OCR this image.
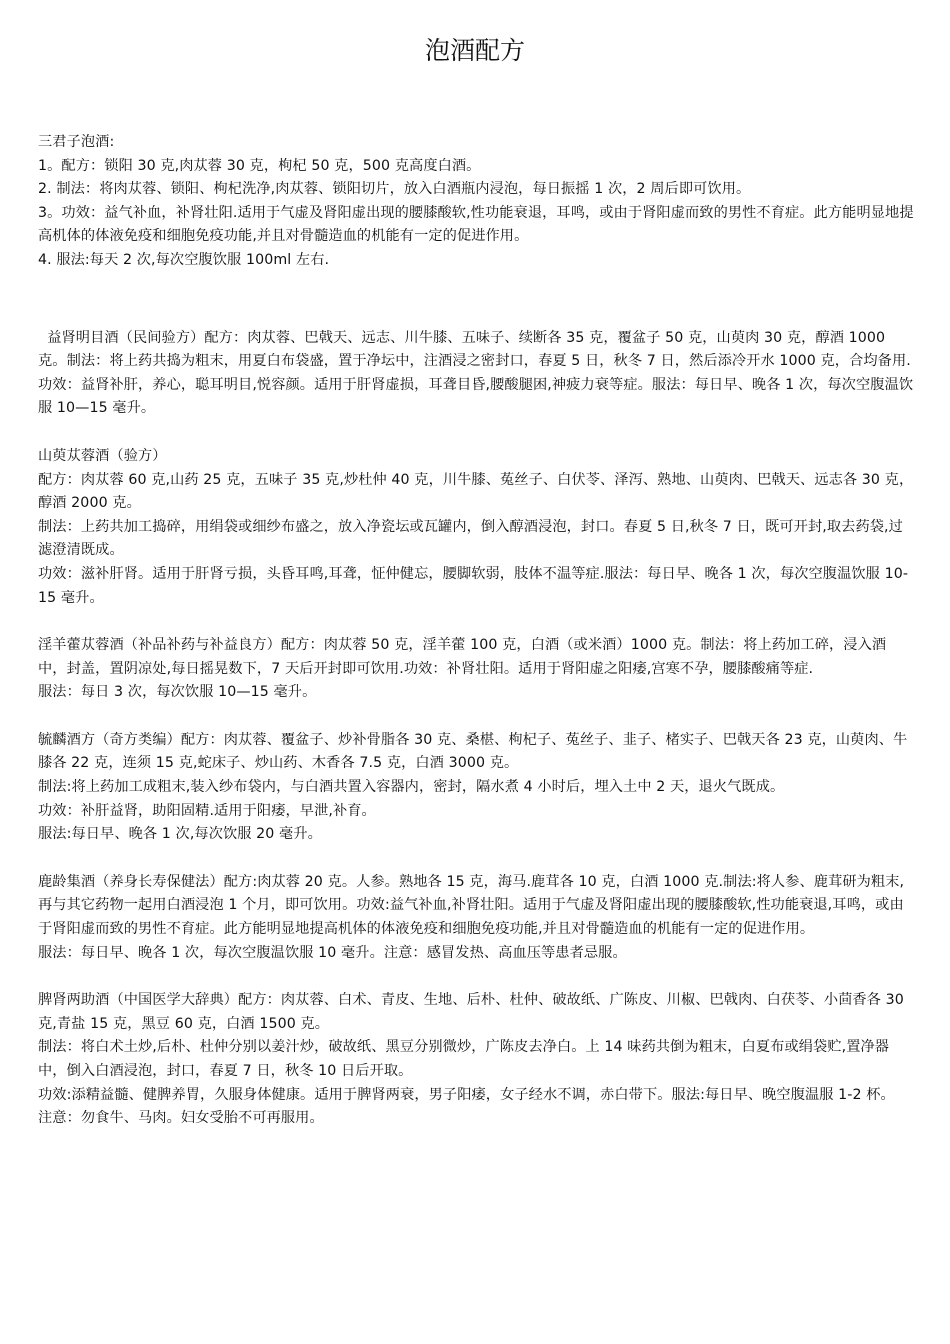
泡酒配方

三君子泡酒:

1。配方：锁阳 30 克,肉苁蓉 30 克，枸杞 50 克，500 克高度白酒。

2. 制法：将肉苁蓉、锁阳、枸杞洗净,肉苁蓉、锁阳切片，放入白酒瓶内浸泡，每日振摇 1 次，2 周后即可饮用。

3。功效：益气补血，补肾壮阳.适用于气虚及肾阳虚出现的腰膝酸软,性功能衰退，耳鸣，或由于肾阳虚而致的男性不育症。此方能明显地提高机体的体液免疫和细胞免疫功能,并且对骨髓造血的机能有一定的促进作用。

4. 服法:每天 2 次,每次空腹饮服 100ml 左右.

益肾明目酒（民间验方）配方：肉苁蓉、巴戟天、远志、川牛膝、五味子、续断各 35 克，覆盆子 50 克，山萸肉 30 克，醇酒 1000 克。制法：将上药共捣为粗末，用夏白布袋盛，置于净坛中，注酒浸之密封口，春夏 5 日，秋冬 7 日，然后添冷开水 1000 克，合均备用.

功效：益肾补肝，养心，聪耳明目,悦容颜。适用于肝肾虚损，耳聋目昏,腰酸腿困,神疲力衰等症。服法：每日早、晚各 1 次，每次空腹温饮服 10—15 毫升。

山萸苁蓉酒（验方）

配方：肉苁蓉 60 克,山药 25 克，五味子 35 克,炒杜仲 40 克，川牛膝、菟丝子、白伏苓、泽泻、熟地、山萸肉、巴戟天、远志各 30 克，醇酒 2000 克。

制法：上药共加工捣碎，用绢袋或细纱布盛之，放入净瓷坛或瓦罐内，倒入醇酒浸泡，封口。春夏 5 日,秋冬 7 日，既可开封,取去药袋,过滤澄清既成。

功效：滋补肝肾。适用于肝肾亏损，头昏耳鸣,耳聋，怔仲健忘，腰脚软弱，肢体不温等症.服法：每日早、晚各 1 次，每次空腹温饮服 10-15 毫升。

淫羊藿苁蓉酒（补品补药与补益良方）配方：肉苁蓉 50 克，淫羊藿 100 克，白酒（或米酒）1000 克。制法：将上药加工碎，浸入酒中，封盖，置阴凉处,每日摇晃数下，7 天后开封即可饮用.功效：补肾壮阳。适用于肾阳虚之阳痿,宫寒不孕，腰膝酸痛等症.

服法：每日 3 次，每次饮服 10—15 毫升。

毓麟酒方（奇方类编）配方：肉苁蓉、覆盆子、炒补骨脂各 30 克、桑椹、枸杞子、菟丝子、韭子、楮实子、巴戟天各 23 克，山萸肉、牛膝各 22 克，连须 15 克,蛇床子、炒山药、木香各 7.5 克，白酒 3000 克。

制法:将上药加工成粗末,装入纱布袋内，与白酒共置入容器内，密封，隔水煮 4 小时后，埋入土中 2 天，退火气既成。

功效：补肝益肾，助阳固精.适用于阳痿，早泄,补育。

服法:每日早、晚各 1 次,每次饮服 20 毫升。

鹿龄集酒（养身长寿保健法）配方:肉苁蓉 20 克。人参。熟地各 15 克，海马.鹿茸各 10 克，白酒 1000 克.制法:将人参、鹿茸研为粗末,再与其它药物一起用白酒浸泡 1 个月，即可饮用。功效:益气补血,补肾壮阳。适用于气虚及肾阳虚出现的腰膝酸软,性功能衰退,耳鸣，或由于肾阳虚而致的男性不育症。此方能明显地提高机体的体液免疫和细胞免疫功能,并且对骨髓造血的机能有一定的促进作用。

服法：每日早、晚各 1 次，每次空腹温饮服 10 毫升。注意：感冒发热、高血压等患者忌服。

脾肾两助酒（中国医学大辞典）配方：肉苁蓉、白术、青皮、生地、后朴、杜仲、破故纸、广陈皮、川椒、巴戟肉、白茯苓、小茴香各 30 克,青盐 15 克，黑豆 60 克，白酒 1500 克。

制法：将白术土炒,后朴、杜仲分别以姜汁炒，破故纸、黑豆分别微炒，广陈皮去净白。上 14 味药共倒为粗末，白夏布或绢袋贮,置净器中，倒入白酒浸泡，封口，春夏 7 日，秋冬 10 日后开取。

功效:添精益髓、健脾养胃，久服身体健康。适用于脾肾两衰，男子阳痿，女子经水不调，赤白带下。服法:每日早、晚空腹温服 1-2 杯。

注意：勿食牛、马肉。妇女受胎不可再服用。
